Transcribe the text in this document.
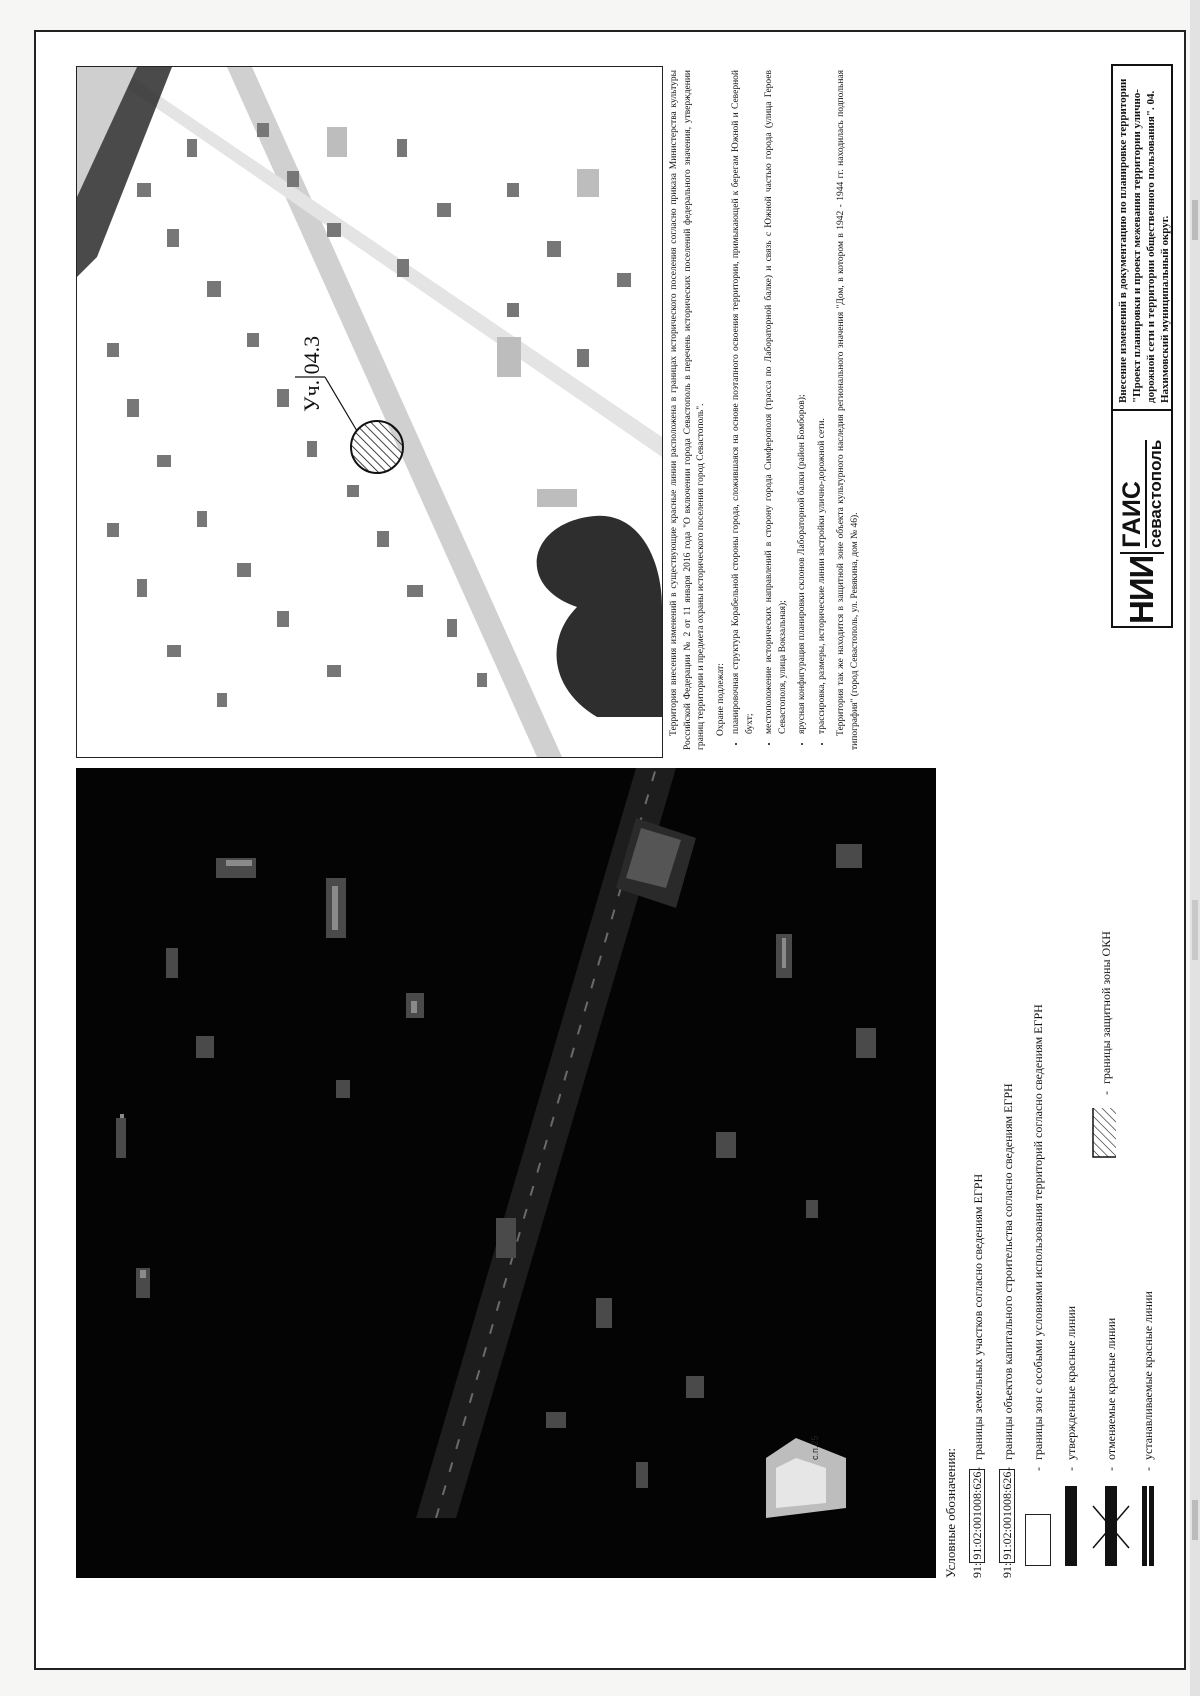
с.п.25
Уч. 04.3	Территория внесения изменений в существующие красные линии расположена в границах исторического поселения согласно приказа Министерства культуры Российской Федерации № 2 от 11 января 2016 года "О включении города Севастополь в перечень исторических поселений федерального значения, утверждении границ территории и предмета охраны исторического поселения город Севастополь". Охране подлежат: • планировочная структура Корабельной стороны города, сложившаяся на основе поэтапного освоения территории, примыкающей к берегам Южной и Северной бухт; • местоположение исторических направлений в сторону города Симферополя (трасса по Лабораторной балке) и связь с Южной частью города (улица Героев Севастополя, улица Вокзальная); • ярусная конфигурация планировки склонов Лабораторной балки (район Бомборов); • трассировка, размеры, исторические линии застройки улично-дорожной сети. Территория так же находится в защитной зоне объекта культурного наследия регионального значения "Дом, в котором в 1942 - 1944 гг. находилась подпольная типография" (город Севастополь, ул. Ревякина, дом № 46).

Условные обозначения: 91:91:02:001008:626
-
границы земельных участков согласно сведениям ЕГРН
91:91:02:001008:626
-
границы объектов капитального строительства согласно сведениям ЕГРН
-
границы зон с особыми условиями использования территорий согласно сведениям ЕГРН
-
утвержденные красные линии
-
отменяемые красные линии
-
устанавливаемые красные линии
-
границы защитной зоны ОКН
НИИ
ГАИС севастополь
Внесение изменений в документацию по планировке территории "Проект планировки и проект межевания территории улично-дорожной сети и территории общественного пользования". 04. Нахимовский муниципальный округ.
